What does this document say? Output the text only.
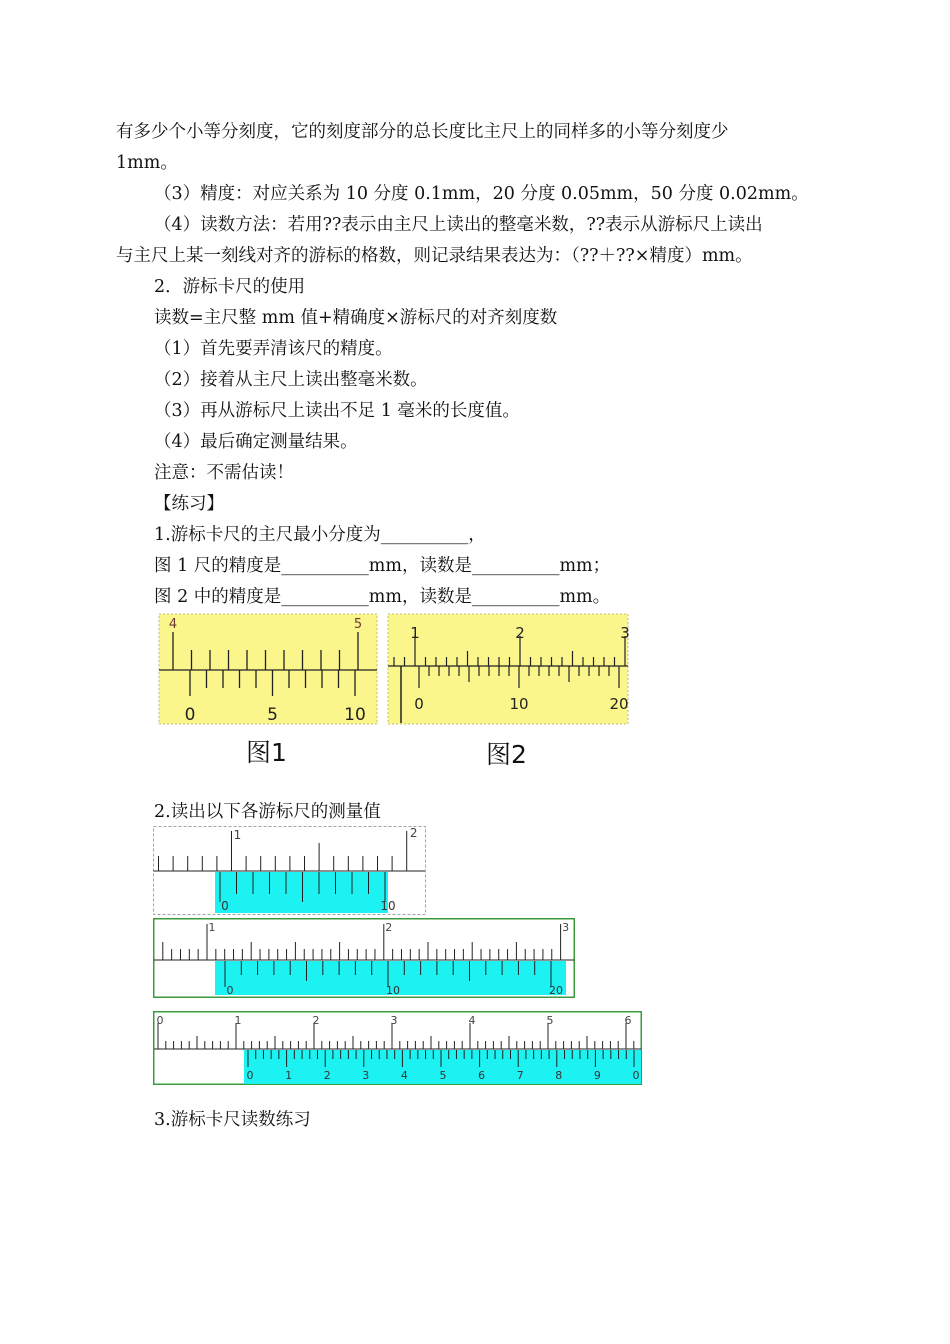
有多少个小等分刻度，它的刻度部分的总长度比主尺上的同样多的小等分刻度少
1mm。
（3）精度：对应关系为 10 分度 0.1mm，20 分度 0.05mm，50 分度 0.02mm。
（4）读数方法：若用??表示由主尺上读出的整毫米数，??表示从游标尺上读出
与主尺上某一刻线对齐的游标的格数，则记录结果表达为：（??＋??×精度）mm。
2．游标卡尺的使用
读数=主尺整 mm 值+精确度×游标尺的对齐刻度数
（1）首先要弄清该尺的精度。
（2）接着从主尺上读出整毫米数。
（3）再从游标尺上读出不足 1 毫米的长度值。
（4）最后确定测量结果。
注意：不需估读！
【练习】
1.游标卡尺的主尺最小分度为__________，
图 1 尺的精度是__________mm，读数是__________mm；
图 2 中的精度是__________mm，读数是__________mm。
4	5
0	5	10
图1
1	2	3
0	10	20
图2
2.读出以下各游标尺的测量值
1	2
0	10
1	2	3
0	10	20
0	1	2	3	4	5	6
0	1	2	3	4	5	6	7	8	9	0
3.游标卡尺读数练习
